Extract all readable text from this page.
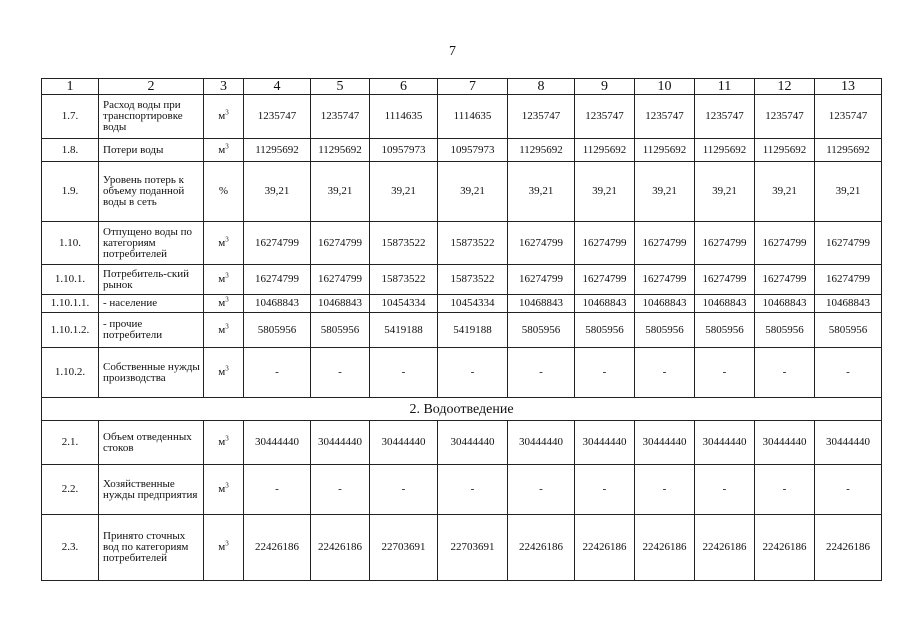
7
1	2	3	4	5	6	7	8	9	10	11	12	13
1.7.	Расход воды при транспортировке воды	$м^3$	1235747	1235747	1114635	1114635	1235747	1235747	1235747	1235747	1235747	1235747
1.8.	Потери воды	$м^3$	11295692	11295692	10957973	10957973	11295692	11295692	11295692	11295692	11295692	11295692
1.9.	Уровень потерь к объему поданной воды в сеть	%	39,21	39,21	39,21	39,21	39,21	39,21	39,21	39,21	39,21	39,21
1.10.	Отпущено воды по категориям потребителей	$м^3$	16274799	16274799	15873522	15873522	16274799	16274799	16274799	16274799	16274799	16274799
1.10.1.	Потребитель-ский рынок	$м^3$	16274799	16274799	15873522	15873522	16274799	16274799	16274799	16274799	16274799	16274799
1.10.1.1.	- население	$м^3$	10468843	10468843	10454334	10454334	10468843	10468843	10468843	10468843	10468843	10468843
1.10.1.2.	- прочие потребители	$м^3$	5805956	5805956	5419188	5419188	5805956	5805956	5805956	5805956	5805956	5805956
1.10.2.	Собственные нужды производства	$м^3$	-	-	-	-	-	-	-	-	-	-
2. Водоотведение												
2.1.	Объем отведенных стоков	$м^3$	30444440	30444440	30444440	30444440	30444440	30444440	30444440	30444440	30444440	30444440
2.2.	Хозяйственные нужды предприятия	$м^3$	-	-	-	-	-	-	-	-	-	-
2.3.	Принято сточных вод по категориям потребителей	$м^3$	22426186	22426186	22703691	22703691	22426186	22426186	22426186	22426186	22426186	22426186
